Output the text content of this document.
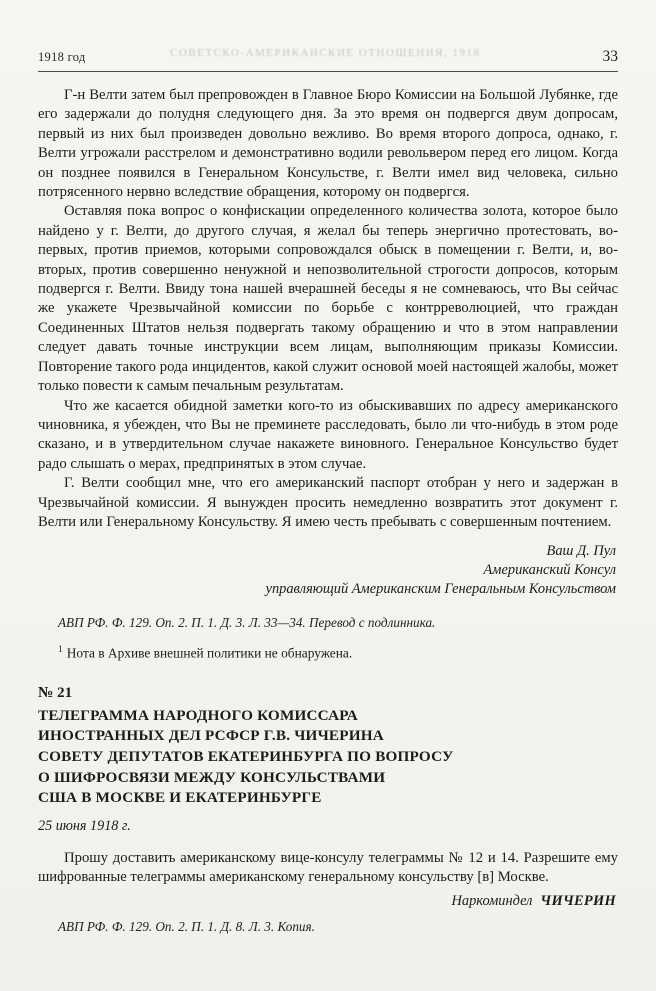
СОВЕТСКО-АМЕРИКАНСКИЕ ОТНОШЕНИЯ, 1918
1918 год	33

Г-н Велти затем был препровожден в Главное Бюро Комиссии на Большой Лубянке, где его задержали до полудня следующего дня. За это время он подвергся двум допросам, первый из них был произведен довольно вежливо. Во время второго допроса, однако, г. Велти угрожали расстрелом и демонстративно водили револьвером перед его лицом. Когда он позднее появился в Генеральном Консульстве, г. Велти имел вид человека, сильно потрясенного нервно вследствие обращения, которому он подвергся.

Оставляя пока вопрос о конфискации определенного количества золота, которое было найдено у г. Велти, до другого случая, я желал бы теперь энергично протестовать, во-первых, против приемов, которыми сопровождался обыск в помещении г. Велти, и, во-вторых, против совершенно ненужной и непозволительной строгости допросов, которым подвергся г. Велти. Ввиду тона нашей вчерашней беседы я не сомневаюсь, что Вы сейчас же укажете Чрезвычайной комиссии по борьбе с контрреволюцией, что граждан Соединенных Штатов нельзя подвергать такому обращению и что в этом направлении следует давать точные инструкции всем лицам, выполняющим приказы Комиссии. Повторение такого рода инцидентов, какой служит основой моей настоящей жалобы, может только повести к самым печальным результатам.

Что же касается обидной заметки кого-то из обыскивавших по адресу американского чиновника, я убежден, что Вы не преминете расследовать, было ли что-нибудь в этом роде сказано, и в утвердительном случае накажете виновного. Генеральное Консульство будет радо слышать о мерах, предпринятых в этом случае.

Г. Велти сообщил мне, что его американский паспорт отобран у него и задержан в Чрезвычайной комиссии. Я вынужден просить немедленно возвратить этот документ г. Велти или Генеральному Консульству. Я имею честь пребывать с совершенным почтением.

Ваш Д. Пул
Американский Консул
управляющий Американским Генеральным Консульством
АВП РФ. Ф. 129. Оп. 2. П. 1. Д. 3. Л. 33—34. Перевод с подлинника.
$^1$ Нота в Архиве внешней политики не обнаружена.
№ 21
ТЕЛЕГРАММА НАРОДНОГО КОМИССАРА
ИНОСТРАННЫХ ДЕЛ РСФСР Г.В. ЧИЧЕРИНА
СОВЕТУ ДЕПУТАТОВ ЕКАТЕРИНБУРГА ПО ВОПРОСУ
О ШИФРОСВЯЗИ МЕЖДУ КОНСУЛЬСТВАМИ
США В МОСКВЕ И ЕКАТЕРИНБУРГЕ
25 июня 1918 г.

Прошу доставить американскому вице-консулу телеграммы № 12 и 14. Разрешите ему шифрованные телеграммы американскому генеральному консульству [в] Москве.

Наркоминдел ЧИЧЕРИН
АВП РФ. Ф. 129. Оп. 2. П. 1. Д. 8. Л. 3. Копия.
